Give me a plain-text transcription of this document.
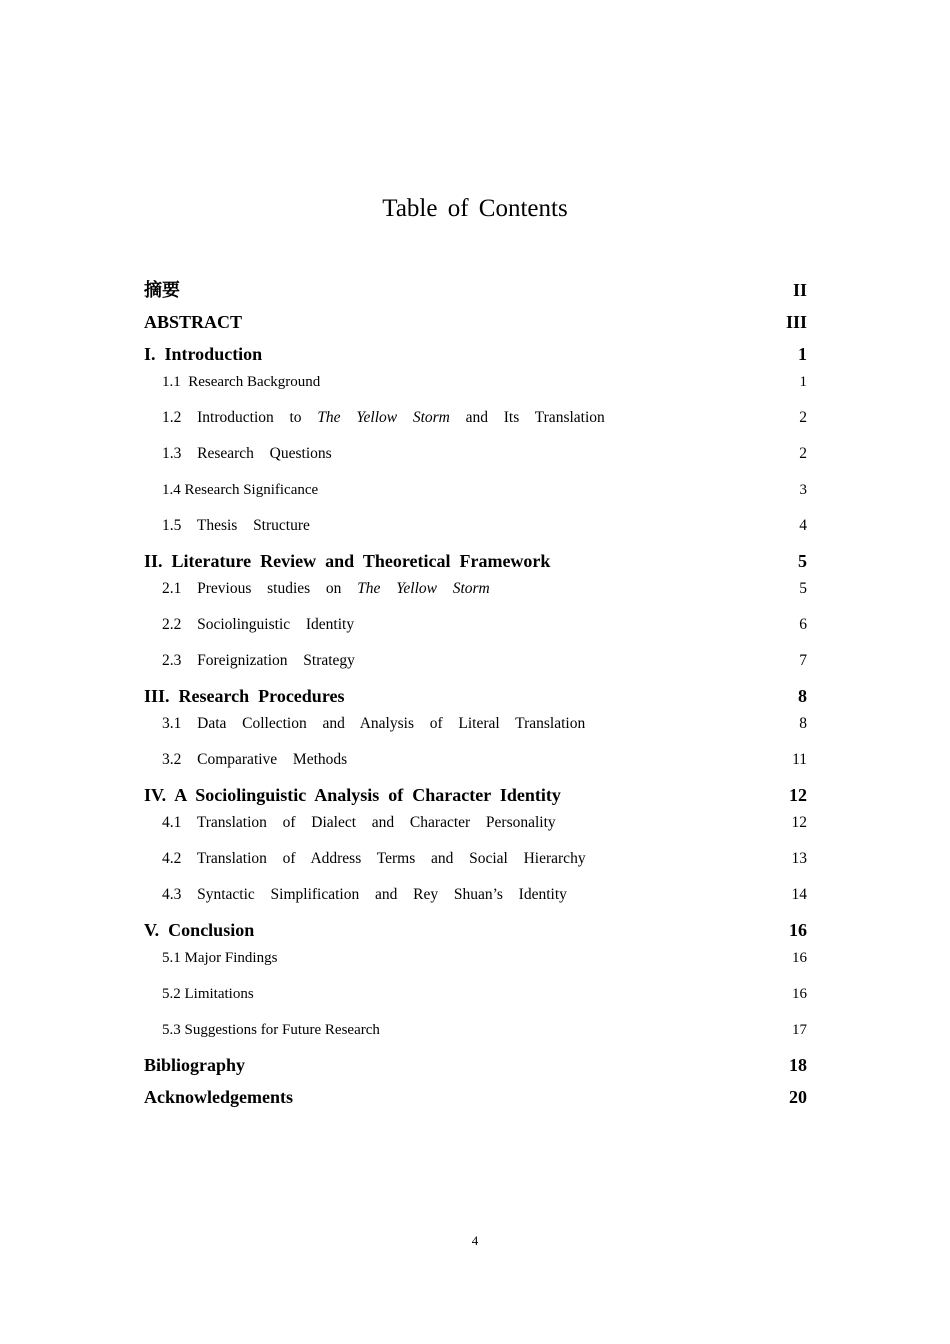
Table of Contents
摘要	II
ABSTRACT	III
I.  Introduction	1
1.1  Research Background	1
1.2  Introduction  to  The  Yellow  Storm  and  Its  Translation	2
1.3  Research  Questions	2
1.4 Research Significance	3
1.5  Thesis  Structure	4
II.  Literature  Review  and  Theoretical  Framework	5
2.1  Previous  studies  on  The  Yellow  Storm	5
2.2  Sociolinguistic  Identity	6
2.3  Foreignization  Strategy	7
III.  Research  Procedures	8
3.1  Data  Collection  and  Analysis  of  Literal  Translation	8
3.2  Comparative  Methods	11
IV.  A  Sociolinguistic  Analysis  of  Character  Identity	12
4.1  Translation  of  Dialect  and  Character  Personality	12
4.2  Translation  of  Address  Terms  and  Social  Hierarchy	13
4.3  Syntactic  Simplification  and  Rey  Shuan’s  Identity	14
V.  Conclusion	16
5.1 Major Findings	16
5.2 Limitations	16
5.3 Suggestions for Future Research	17
Bibliography	18
Acknowledgements	20
4
